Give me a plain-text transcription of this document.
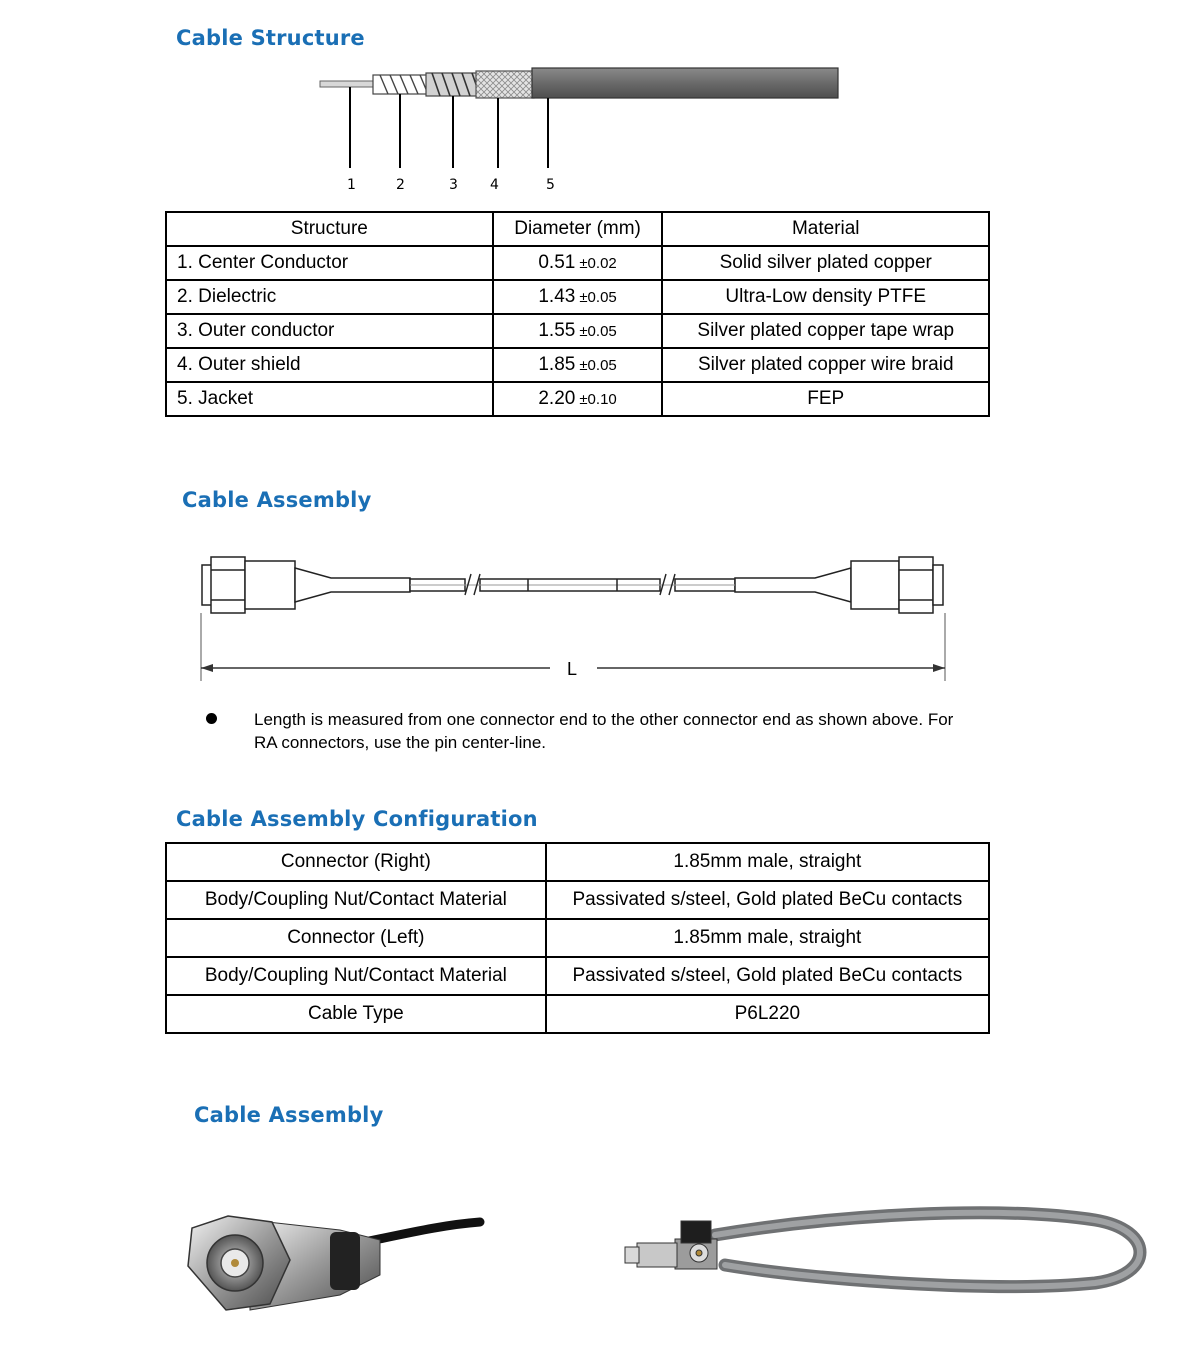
Cable Structure
1	2	3 4	5
Structure	Diameter (mm)	Material
1. Center Conductor	0.51 ±0.02	Solid silver plated copper
2. Dielectric	1.43 ±0.05	Ultra-Low density PTFE
3. Outer conductor	1.55 ±0.05	Silver plated copper tape wrap
4. Outer shield	1.85 ±0.05	Silver plated copper wire braid
5. Jacket	2.20 ±0.10	FEP
Cable Assembly
L

Length is measured from one connector end to the other connector end as shown above. For RA connectors, use the pin center-line.

Cable Assembly Configuration
Connector (Right)	1.85mm male, straight
Body/Coupling Nut/Contact Material	Passivated s/steel, Gold plated BeCu contacts
Connector (Left)	1.85mm male, straight
Body/Coupling Nut/Contact Material	Passivated s/steel, Gold plated BeCu contacts
Cable Type	P6L220
Cable Assembly
